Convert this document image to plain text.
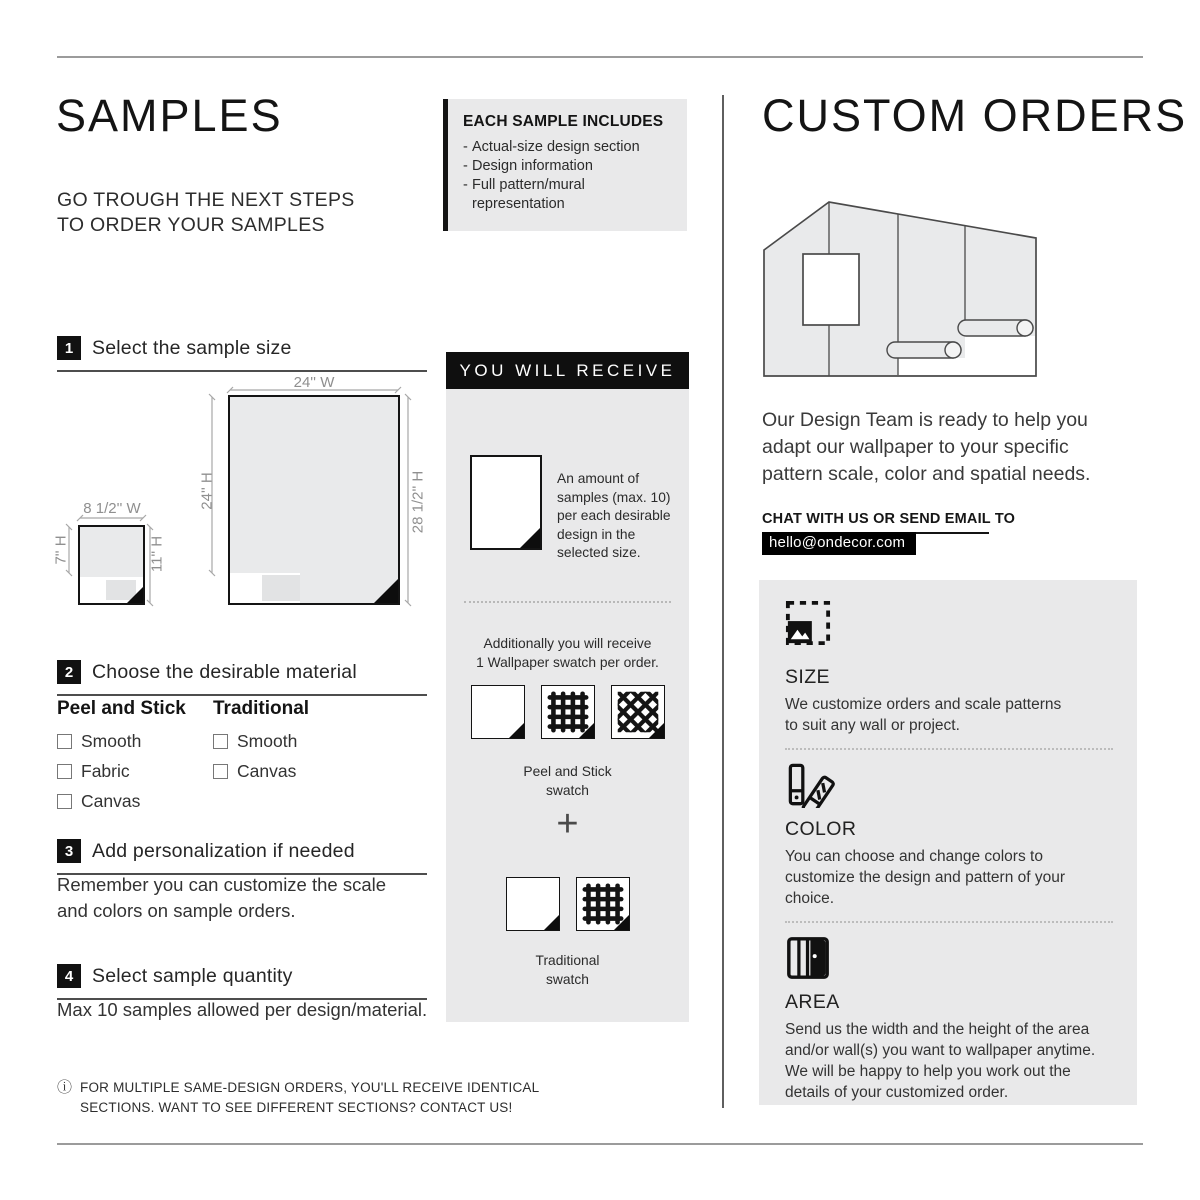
SAMPLES
GO TROUGH THE NEXT STEPS
TO ORDER YOUR SAMPLES
EACH SAMPLE INCLUDES
- Actual-size design section
- Design information
- Full pattern/mural representation
1 Select the sample size
24'' W
24'' H	28 1/2'' H
8 1/2'' W
7'' H	11'' H
2 Choose the desirable material
Peel and Stick
Smooth
Fabric
Canvas
Traditional
Smooth
Canvas
3 Add personalization if needed
Remember you can customize the scale
and colors on sample orders.
4 Select sample quantity
Max 10 samples allowed per design/material.
ⓘ FOR MULTIPLE SAME-DESIGN ORDERS, YOU'LL RECEIVE IDENTICAL
SECTIONS. WANT TO SEE DIFFERENT SECTIONS? CONTACT US!
YOU WILL RECEIVE
An amount of
samples (max. 10)
per each desirable
design in the
selected size.
Additionally you will receive
1 Wallpaper swatch per order.
Peel and Stick
swatch
+
Traditional
swatch
CUSTOM ORDERS
Our Design Team is ready to help you
adapt our wallpaper to your specific
pattern scale, color and spatial needs.
CHAT WITH US OR SEND EMAIL TO
hello@ondecor.com
SIZE
We customize orders and scale patterns
to suit any wall or project.
COLOR
You can choose and change colors to
customize the design and pattern of your
choice.
AREA
Send us the width and the height of the area
and/or wall(s) you want to wallpaper anytime.
We will be happy to help you work out the
details of your customized order.
